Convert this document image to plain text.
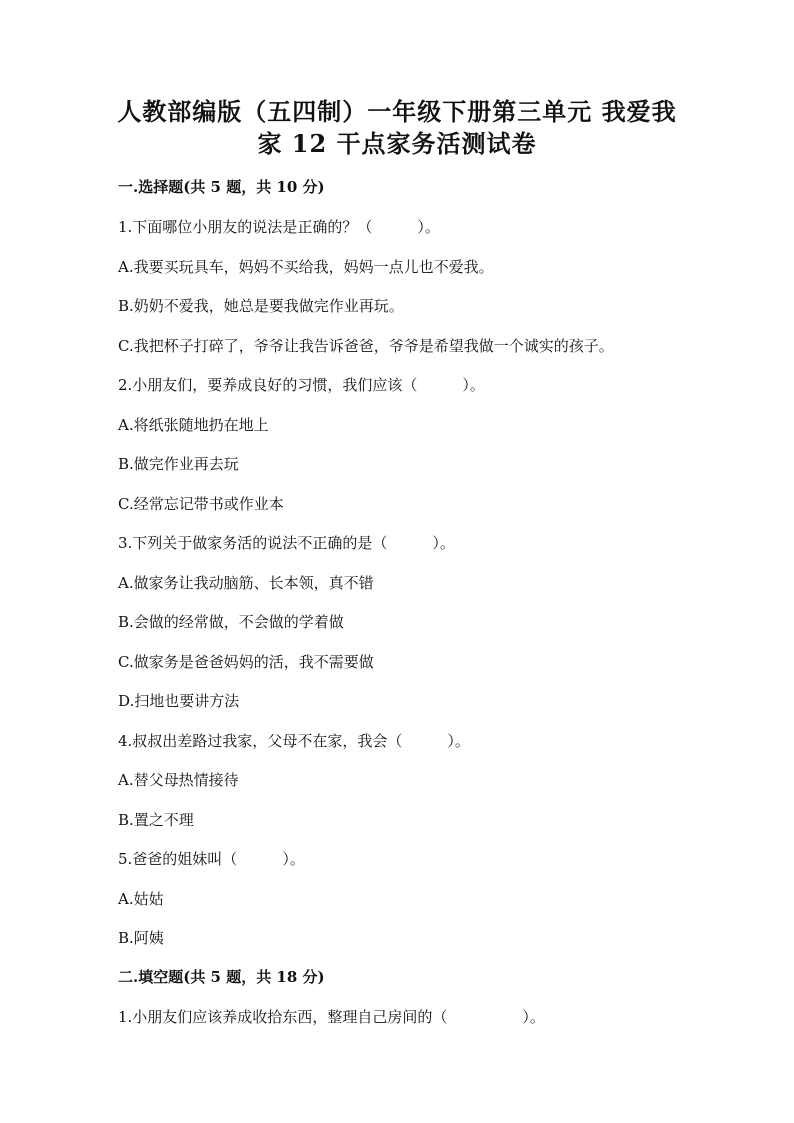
人教部编版（五四制）一年级下册第三单元 我爱我
家 12 干点家务活测试卷
一.选择题(共 5 题，共 10 分)
1.下面哪位小朋友的说法是正确的？（　　　）。
A.我要买玩具车，妈妈不买给我，妈妈一点儿也不爱我。
B.奶奶不爱我，她总是要我做完作业再玩。
C.我把杯子打碎了，爷爷让我告诉爸爸，爷爷是希望我做一个诚实的孩子。
2.小朋友们，要养成良好的习惯，我们应该（　　　）。
A.将纸张随地扔在地上
B.做完作业再去玩
C.经常忘记带书或作业本
3.下列关于做家务活的说法不正确的是（　　　）。
A.做家务让我动脑筋、长本领，真不错
B.会做的经常做，不会做的学着做
C.做家务是爸爸妈妈的活，我不需要做
D.扫地也要讲方法
4.叔叔出差路过我家，父母不在家，我会（　　　）。
A.替父母热情接待
B.置之不理
5.爸爸的姐妹叫（　　　）。
A.姑姑
B.阿姨
二.填空题(共 5 题，共 18 分)
1.小朋友们应该养成收拾东西，整理自己房间的（　　　　　）。
